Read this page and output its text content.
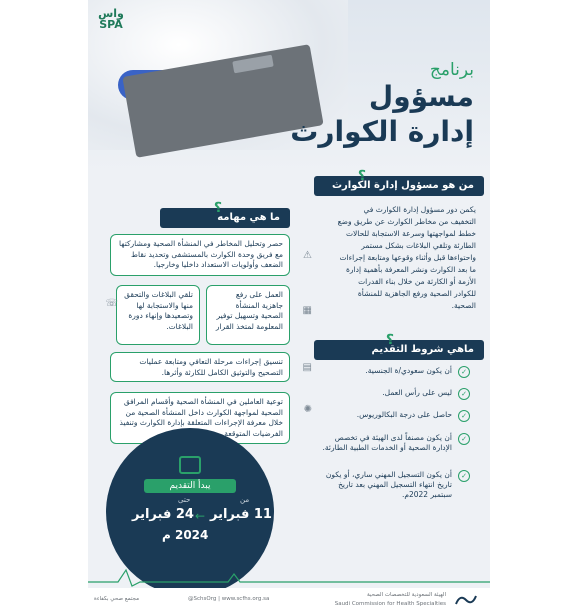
واس
SPA
برنامج
مسؤول
إدارة الكوارث
من هو مسؤول إدارة الكوارث
؟
يكمن دور مسؤول إدارة الكوارث في التخفيف من مخاطر الكوارث عن طريق وضع خطط لمواجهتها وسرعة الاستجابة للحالات الطارئة وتلقي البلاغات بشكل مستمر واحتواءها قبل وأثناء وقوعها ومتابعة إجراءات ما بعد الكوارث ونشر المعرفة بأهمية إدارة الأزمة أو الكارثة من خلال بناء القدرات للكوادر الصحية ورفع الجاهزية للمنشأة الصحية.
ما هي مهامه
؟
حصر وتحليل المخاطر في المنشأة الصحية ومشاركتها مع فريق وحدة الكوارث بالمستشفى وتحديد نقاط الضعف وأولويات الاستعداد داخليا وخارجيا.
⚠
العمل على رفع جاهزية المنشأة الصحية وتسهيل توفير المعلومة لمتخذ القرار
▦
تلقي البلاغات والتحقق منها والاستجابة لها وتصعيدها وإنهاء دورة البلاغات.
☏
تنسيق إجراءات مرحلة التعافي ومتابعة عمليات التصحيح والتوثيق الكامل للكارثة وأثرها.	▤
توعية العاملين في المنشأة الصحية وأقسام المرافق الصحية لمواجهة الكوارث داخل المنشأة الصحية من خلال معرفة الإجراءات المتعلقة بإدارة الكوارث وتنفيذ الفرضيات المتوقعة.
✺
ماهي شروط التقديم
؟
✓
أن يكون سعودي/ة الجنسية.
✓
ليس على رأس العمل.
✓
حاصل على درجة البكالوريوس.
✓
أن يكون مصنفاً لدى الهيئة في تخصص الإدارة الصحية أو الخدمات الطبية الطارئة.
✓
أن يكون التسجيل المهني ساري، أو يكون تاريخ انتهاء التسجيل المهني بعد تاريخ سبتمبر 2022م.
يبدأ التقديم
من
11 فبراير
←
حتى
24 فبراير
2024 م
مجتمع صحي بكفاءة	@SchsOrg | www.scfhs.org.sa
الهيئة السعودية للتخصصات الصحية
Saudi Commission for Health Specialties
